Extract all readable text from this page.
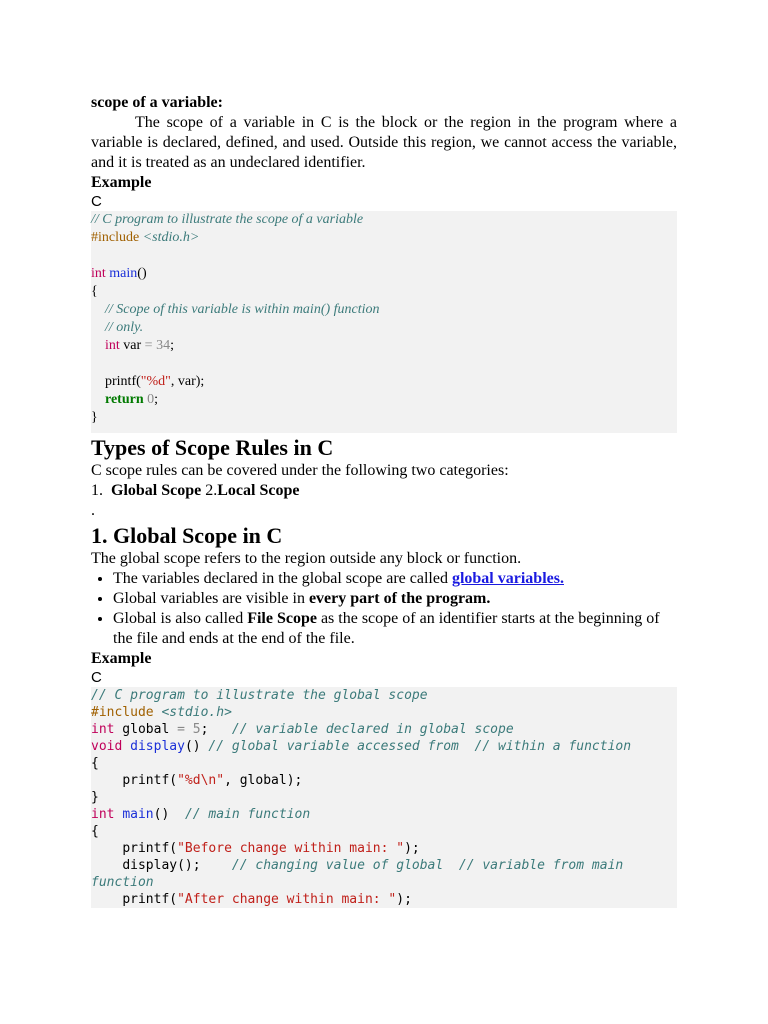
scope of a variable:

The scope of a variable in C is the block or the region in the program where a variable is declared, defined, and used. Outside this region, we cannot access the variable, and it is treated as an undeclared identifier.

Example

C

// C program to illustrate the scope of a variable
#include <stdio.h>

int main()
{
// Scope of this variable is within main() function
// only.
int var = 34;

printf("%d", var);
return 0;
}
Types of Scope Rules in C

C scope rules can be covered under the following two categories:

1. Global Scope 2.Local Scope

.

1. Global Scope in C

The global scope refers to the region outside any block or function.

• The variables declared in the global scope are called global variables.
• Global variables are visible in every part of the program.
• Global is also called File Scope as the scope of an identifier starts at the beginning of the file and ends at the end of the file.

Example

C

// C program to illustrate the global scope
#include <stdio.h>
int global = 5;   // variable declared in global scope
void display() // global variable accessed from  // within a function
{
printf("%d\n", global);
}
int main()  // main function
{
printf("Before change within main: ");
display();    // changing value of global  // variable from main function
printf("After change within main: ");
